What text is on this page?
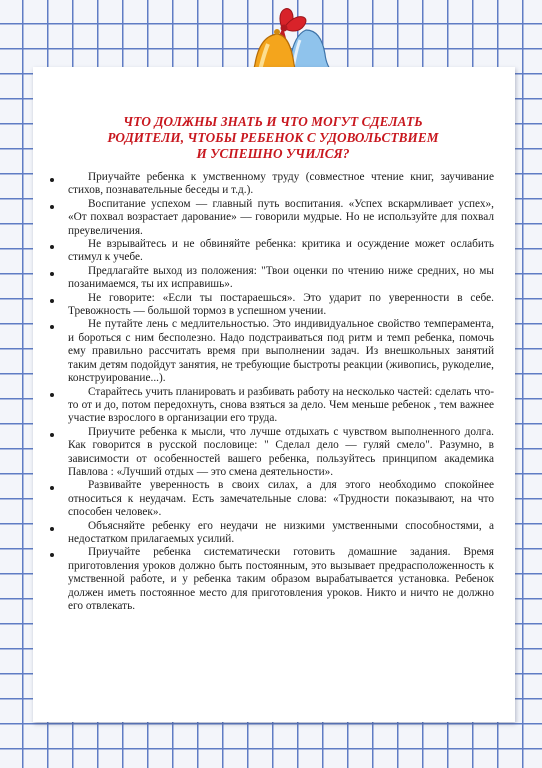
ЧТО ДОЛЖНЫ ЗНАТЬ И ЧТО МОГУТ СДЕЛАТЬ
РОДИТЕЛИ, ЧТОБЫ РЕБЕНОК С УДОВОЛЬСТВИЕМ
И УСПЕШНО УЧИЛСЯ?

Приучайте ребенка к умственному труду (совместное чтение книг, заучивание стихов, познавательные беседы и т.д.).

Воспитание успехом — главный путь воспитания. «Успех вскармливает успех», «От похвал возрастает дарование» — говорили мудрые. Но не используйте для похвал преувеличения.

Не взрывайтесь и не обвиняйте ребенка: критика и осуждение может ослабить стимул к учебе.

Предлагайте выход из положения: "Твои оценки по чтению ниже средних, но мы позанимаемся, ты их исправишь».

Не говорите: «Если ты постараешься». Это ударит по уверенности в себе. Тревожность — большой тормоз в успешном учении.

Не путайте лень с медлительностью. Это индивидуальное свойство темперамента, и бороться с ним бесполезно. Надо подстраиваться под ритм и темп ребенка, помочь ему правильно рассчитать время при выполнении задач. Из внешкольных занятий таким детям подойдут занятия, не требующие быстроты реакции (живопись, рукоделие, конструирование...).

Старайтесь учить планировать и разбивать работу на несколько частей: сделать что-то от и до, потом передохнуть, снова взяться за дело. Чем меньше ребенок , тем важнее участие взрослого в организации его труда.

Приучите ребенка к мысли, что лучше отдыхать с чувством выполненного долга. Как говорится в русской пословице: " Сделал дело — гуляй смело". Разумно, в зависимости от особенностей вашего ребенка, пользуйтесь принципом академика Павлова : «Лучший отдых — это смена деятельности».

Развивайте уверенность в своих силах, а для этого необходимо спокойнее относиться к неудачам. Есть замечательные слова: «Трудности показывают, на что способен человек».

Объясняйте ребенку его неудачи не низкими умственными способностями, а недостатком прилагаемых усилий.

Приучайте ребенка систематически готовить домашние задания. Время приготовления уроков должно быть постоянным, это вызывает предрасположенность к умственной работе, и у ребенка таким образом вырабатывается установка. Ребенок должен иметь постоянное место для приготовления уроков. Никто и ничто не должно его отвлекать.
